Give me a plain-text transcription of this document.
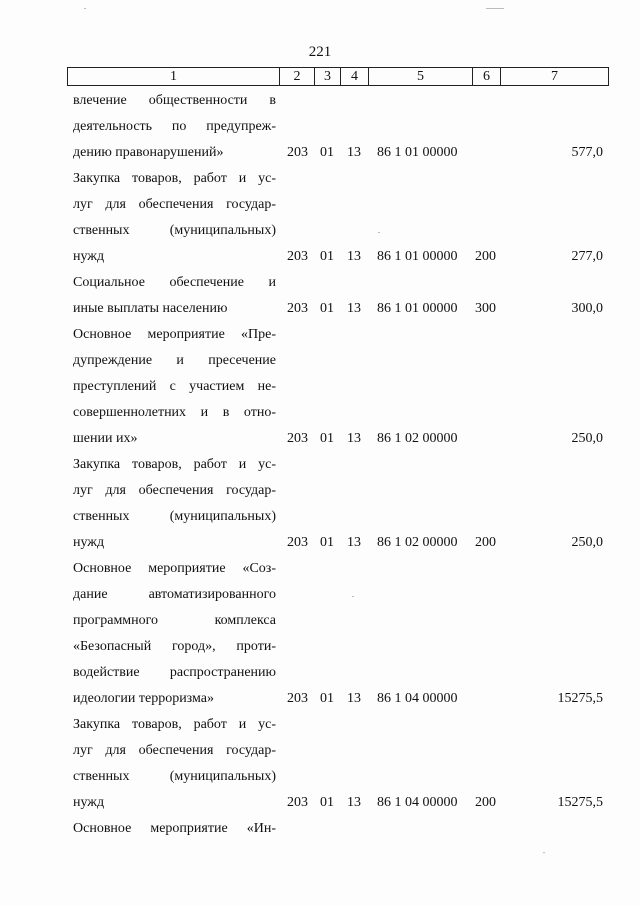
221
1	2	3	4	5	6	7
влечение общественности в
деятельность по предупреж-
дению правонарушений»	203 01 13 86 1 01 00000	577,0
Закупка товаров, работ и ус-
луг для обеспечения государ-
ственных (муниципальных)
нужд	203 01 13 86 1 01 00000 200	277,0
Социальное обеспечение и
иные выплаты населению	203 01 13 86 1 01 00000 300	300,0
Основное мероприятие «Пре-
дупреждение и пресечение
преступлений с участием не-
совершеннолетних и в отно-
шении их»	203 01 13 86 1 02 00000	250,0
Закупка товаров, работ и ус-
луг для обеспечения государ-
ственных (муниципальных)
нужд	203 01 13 86 1 02 00000 200	250,0
Основное мероприятие «Соз-
дание автоматизированного
программного комплекса
«Безопасный город», проти-
водействие распространению
идеологии терроризма»	203 01 13 86 1 04 00000	15275,5
Закупка товаров, работ и ус-
луг для обеспечения государ-
ственных (муниципальных)
нужд	203 01 13 86 1 04 00000 200	15275,5
Основное мероприятие «Ин-
